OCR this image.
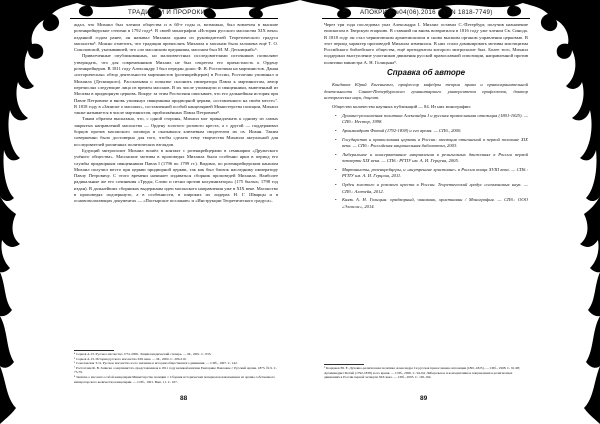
ТРАДИЦИИ И ПРОРОКИ

ждал, что Михаил был членом общества и в 60-е годы и, возможно, был вовлечен в высшие розенкрейцерские степени в 1792 году⁴. В своей монографии «История русского масонства XIX века» изданной годом ранее, он называл Михаила одним из руководителей Теоретического градуса масонства⁵. Можно отметить, что традиция причислять Михаила к масонам была заложена ещё Т. О. Соколовской, указывавшей, что «по масонским преданиям, масоном был М. М. Десницкий»⁶.

Привлеченные опубликованных, но малоизвестных исследователями источников позволяют утверждать, что для современников Михаил не был секретом его причастность к Ордену розенкрейцеров. В 1811 году Александру I был передан донос Ф. В. Ростопчина на мартинистов. Даная «историческая» обзор деятельности мартинистов (розенкрейцеров) в России, Ростопчин упоминал и Михаила (Десницкого). Рассказывая о попытке склонить императора Павла к мартинистам, автор перечислял следующие лица из времен масонов. В их числе упомянули и священники, вывезенный из Москвы в придворную церковь. Вокруг за этим Ростопчин описывает, что его дальнейшая история при Павле Петровиче и вновь упомянул священника придворной церкви, «оставленного на своём месте»⁷. В 1818 году в «Записке о масонах», составленной особой канцелярией Министерства полиции, Михаил также называется в числе мартинистов, приближённых Павла Петровича⁸.

Таким образом высказано, что, с одной стороны, Михаил мог принадлежать к одному из самых закрытых направлений масонства — Ордену золотого розового креста, а с другой — поддерживал борцов против масонского заговора и оказывался ключевым свидетелем их св. Иоанн. Таким совершенно было достоверно для того, чтобы сделать тему творчества Михаила актуальной для исследователей различных политических взглядов.

Будущий митрополит Михаил вошёл в контакт с розенкрейцерами в семинарии «Дружеского учёного общества». Масонские мотивы в проповедях Михаила были особенно ярки в период его службы придворным священником Павла I (1796 по 1799 гг.). Видимо, по розенкрейцерским каналам Михаил получил место при церкви придворной церкви, так как был близок наследнику императору Павлу Петровичу. С этого времени начинает издаваться сборник проповедей Михаила. Наиболее радикальные же его сочинения «Труды, Слово и песни против колумнизатора» (175 былых; 1798 год издан). В дальнейших сборниках выдержаны идеи масонского направления уже в XIX веке. Масонство в проповедях подчеркнуто, а в особенности, в широких их лидерах Н. Г. Шварцы и в основополагающих документах — «Пастырское послание» и «Инструкции Теоретического градуса».

⁴ Серков А. И. Русское масонство 1731-2000. Энциклопедический словарь. — М., 2001. С. 933.
⁵ Серков А. И. История русского масонства XIX века. — М., 2000. С. 209-210.
⁶ Соколовская Т. О. Русское масонство и его значение в истории общественного движения. — СПб., 1907. С. 142.
⁷ Ростопчин Ф. В. Записка о мартинистах, представленная в 1811 году великой княгине Екатерине Павловне // Русский Архив. 1875. № 9. С. 75-79.
⁸ Записка о масонах особой канцелярии Министерства полиции // Сборник исторических материалов извлеченных из архива собственного императорского величества канцелярии. — СПб., 1901. Вып. 11. С. 167.
88
АПОКРИФ№04(06).2016 (ISSN 1818-7749)

Через три года последовал указ Александра I. Михаил оставил С.-Петербург, получив назначение епископом в Тверскую епархию. В ставший он вновь возвратился в 1816 году уже членом Св. Синода. В 1818 году он стал черниговским архиепископом и снова высшим органом управления церковью. В этот период характер проповедей Михаила изменился. В них стали доминировать мотивы мистицизма Российского библейского общества, ещё президентом которого митрополит был. Более того, Михаил поддержал выступление участников движения русской православной оппозиции, направленной против политики министра А. Н. Голицына⁹.

Справка об авторе

Кондаков Юрий Евгеньевич, профессор кафедры теории права и правоохранительной деятельности Санкт-Петербургского гуманитарного университета профсоюзов, доктор исторических наук, доцент.

Общество количество научных публикаций — 84. Из них монографии:

• Духовно-религиозная политика Александра I и русская православная оппозиция (1801-1825). — СПб.: Нестор, 1998.
• Архимандрит Фотий (1792-1838) и его время. — СПб., 2000.
• Государство и православная церковь в России: эволюция отношений в первой половине XIX века. — СПб.: Российская национальная библиотека, 2003.
• Либеральное и консервативное направления в религиозных движениях в России первой четверти XIX века. — СПб.: РГПУ им. А. И. Герцена, 2005.
• Мартинисты, розенкрейцеры, и «внутренние христиане» в России конца XVIII века. — СПб.: РГПУ им. А. И. Герцена, 2011.
• Орден золотого и розового креста в России. Теоретический градус соломоновых наук. — СПб.: Алетейя, 2012.
• Князь А. Н. Голицын: придворный, чиновник, христианин / Монография. — СПб.: ООО «Элексис», 2014.
⁹ Кондаков Ю. Е. Духовно-религиозная политика Александра I и русская православная оппозиция (1801-1825). — СПб., 1998. С. 91-98; Архимандрит Фотий (1792-1838) и его время. — СПб., 2000. С. 94-94; Либеральное и консервативное направления в религиозных движениях в России первой четверти XIX века. — СПб., 2005. С. 165-194.
89
